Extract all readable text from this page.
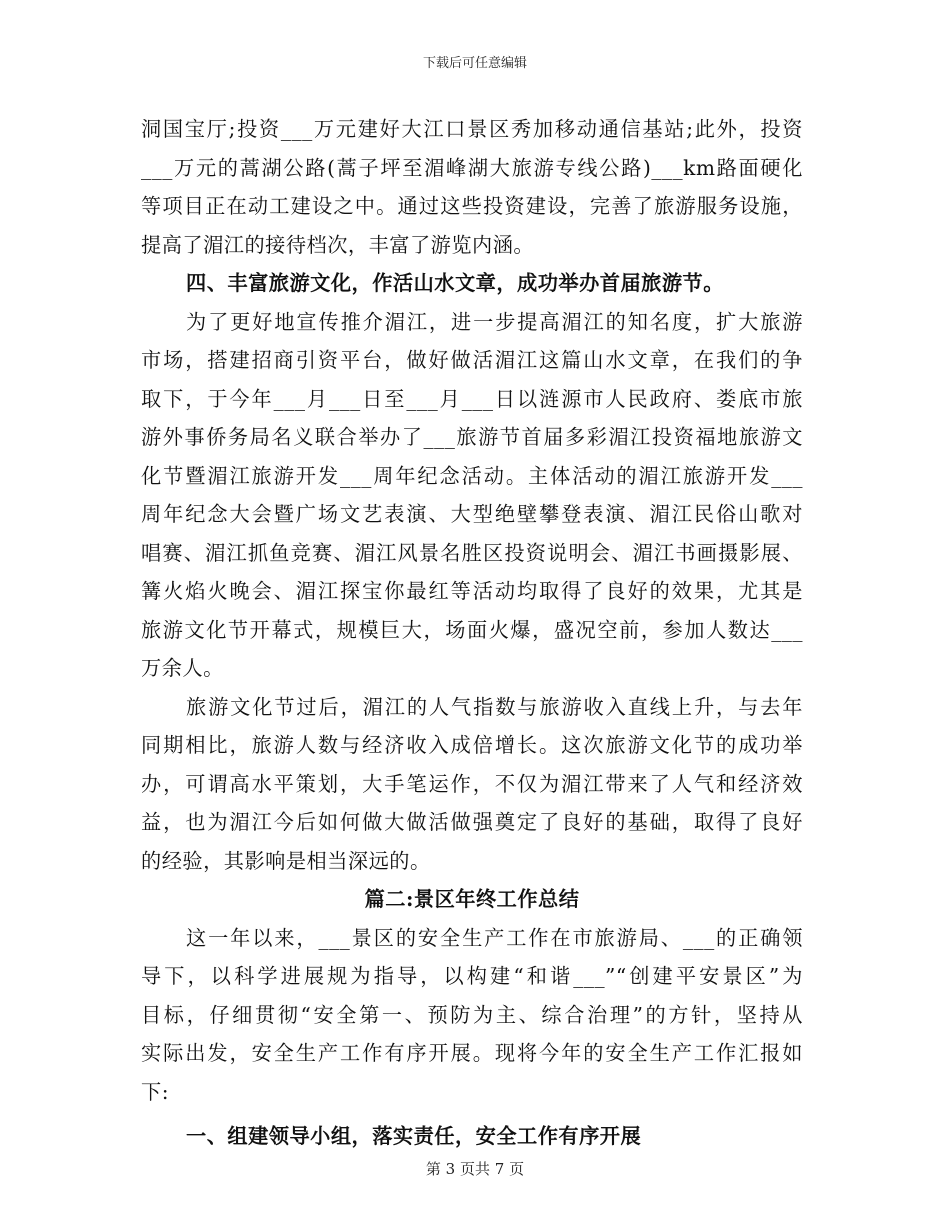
下载后可任意编辑
洞国宝厅;投资___万元建好大江口景区秀加移动通信基站;此外，投资
___万元的蒿湖公路(蒿子坪至湄峰湖大旅游专线公路)___km路面硬化
等项目正在动工建设之中。通过这些投资建设，完善了旅游服务设施，
提高了湄江的接待档次，丰富了游览内涵。
四、丰富旅游文化，作活山水文章，成功举办首届旅游节。
为了更好地宣传推介湄江，进一步提高湄江的知名度，扩大旅游
市场，搭建招商引资平台，做好做活湄江这篇山水文章，在我们的争
取下，于今年___月___日至___月___日以涟源市人民政府、娄底市旅
游外事侨务局名义联合举办了___旅游节首届多彩湄江投资福地旅游文
化节暨湄江旅游开发___周年纪念活动。主体活动的湄江旅游开发___
周年纪念大会暨广场文艺表演、大型绝壁攀登表演、湄江民俗山歌对
唱赛、湄江抓鱼竞赛、湄江风景名胜区投资说明会、湄江书画摄影展、
篝火焰火晚会、湄江探宝你最红等活动均取得了良好的效果，尤其是
旅游文化节开幕式，规模巨大，场面火爆，盛况空前，参加人数达___
万余人。
旅游文化节过后，湄江的人气指数与旅游收入直线上升，与去年
同期相比，旅游人数与经济收入成倍增长。这次旅游文化节的成功举
办，可谓高水平策划，大手笔运作，不仅为湄江带来了人气和经济效
益，也为湄江今后如何做大做活做强奠定了良好的基础，取得了良好
的经验，其影响是相当深远的。
篇二:景区年终工作总结
这一年以来，___景区的安全生产工作在市旅游局、___的正确领
导下，以科学进展规为指导，以构建“和谐___”“创建平安景区”为
目标，仔细贯彻“安全第一、预防为主、综合治理”的方针，坚持从
实际出发，安全生产工作有序开展。现将今年的安全生产工作汇报如
下:
一、组建领导小组，落实责任，安全工作有序开展
第 3 页共 7 页
